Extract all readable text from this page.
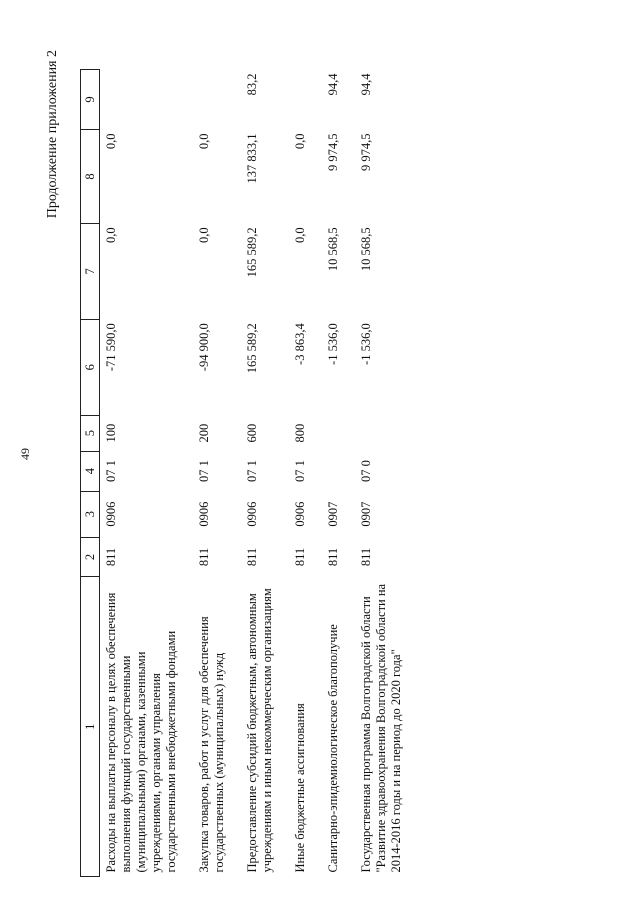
49
Продолжение приложения 2
1	2	3	4	5	6	7	8	9
Расходы на выплаты персоналу в целях обеспечения выполнения функций государственными (муниципальными) органами, казенными учреждениями, органами управления государственными внебюджетными фондами	811	0906	07 1	100	-71 590,0	0,0	0,0	
Закупка товаров, работ и услуг для обеспечения государственных (муниципальных) нужд	811	0906	07 1	200	-94 900,0	0,0	0,0	
Предоставление субсидий бюджетным, автономным учреждениям и иным некоммерческим организациям	811	0906	07 1	600	165 589,2	165 589,2	137 833,1	83,2
Иные бюджетные ассигнования	811	0906	07 1	800	-3 863,4	0,0	0,0	
Санитарно-эпидемиологическое благополучие	811	0907			-1 536,0	10 568,5	9 974,5	94,4
Государственная программа Волгоградской области "Развитие здравоохранения Волгоградской области на 2014-2016 годы и на период до 2020 года"	811	0907	07 0		-1 536,0	10 568,5	9 974,5	94,4
